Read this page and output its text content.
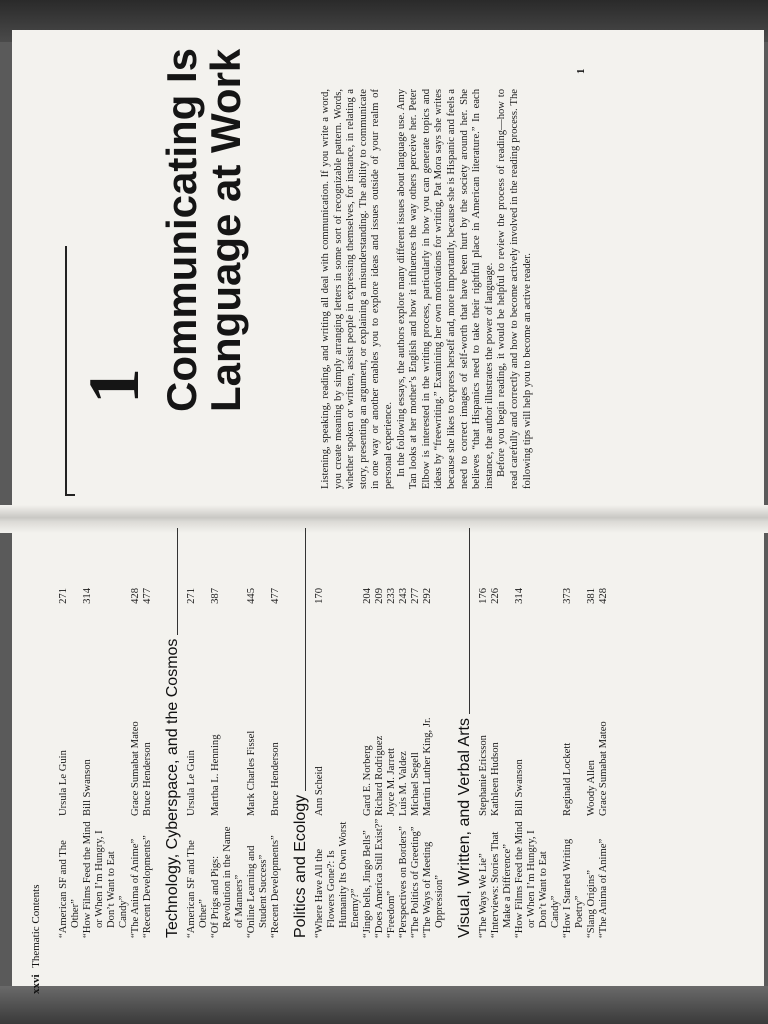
xxvi Thematic Contents “American SF and The Other”
Ursula Le Guin
271
“How Films Feed the Mind or When I’m Hungry, I Don’t Want to Eat Candy”
Bill Swanson
314
“The Anima of Anime”
Grace Sumabat Mateo
428
“Recent Developments”
Bruce Henderson
477
Technology, Cyberspace, and the Cosmos “American SF and The Other”
Ursula Le Guin
271
“Of Prigs and Pigs: Revolution in the Name of Manners”
Martha L. Henning
387
“Online Learning and Student Success”
Mark Charles Fissel
445
“Recent Developments”
Bruce Henderson
477
Politics and Ecology “Where Have All the Flowers Gone?: Is Humanity Its Own Worst Enemy?”
Ann Scheid
170
“Jingo bells, Jingo Bells”
Gard E. Norberg
204
“Does America Still Exist?”
Richard Rodriguez
209
“Freedom”
Joyce M. Jarrett
233
“Perspectives on Borders”
Luis M. Valdez
243
“The Politics of Greeting”
Michael Segell
277
“The Ways of Meeting Oppression”
Martin Luther King, Jr.
292
Visual, Written, and Verbal Arts “The Ways We Lie”
Stephanie Ericsson
176
“Interviews: Stories That Make a Difference”
Kathleen Hudson
226
“How Films Feed the Mind or When I’m Hungry, I Don’t Want to Eat Candy”
Bill Swanson
314
“How I Started Writing Poetry”
Reginald Lockett
373
“Slang Origins”
Woody Allen
381
“The Anima of Anime”
Grace Sumabat Mateo
428
1 Communicating Is
Language at Work	Listening, speaking, reading, and writing all deal with communication. If you write a word, you create meaning by simply arranging letters in some sort of recognizable pattern. Words, whether spoken or written, assist people in expressing themselves, for instance, in relating a story, presenting an argument, or explaining a misunderstanding. The ability to communicate in one way or another enables you to explore ideas and issues outside of your realm of personal experience. In the following essays, the authors explore many different issues about language use. Amy Tan looks at her mother’s English and how it influences the way others perceive her. Peter Elbow is interested in the writing process, particularly in how you can generate topics and ideas by “freewriting.” Examining her own motivations for writing, Pat Mora says she writes because she likes to express herself and, more importantly, because she is Hispanic and feels a need to correct images of self-worth that have been hurt by the society around her. She believes “that Hispanics need to take their rightful place in American literature.” In each instance, the author illustrates the power of language. Before you begin reading, it would be helpful to review the process of reading—how to read carefully and correctly and how to become actively involved in the reading process. The following tips will help you to become an active reader.

1
